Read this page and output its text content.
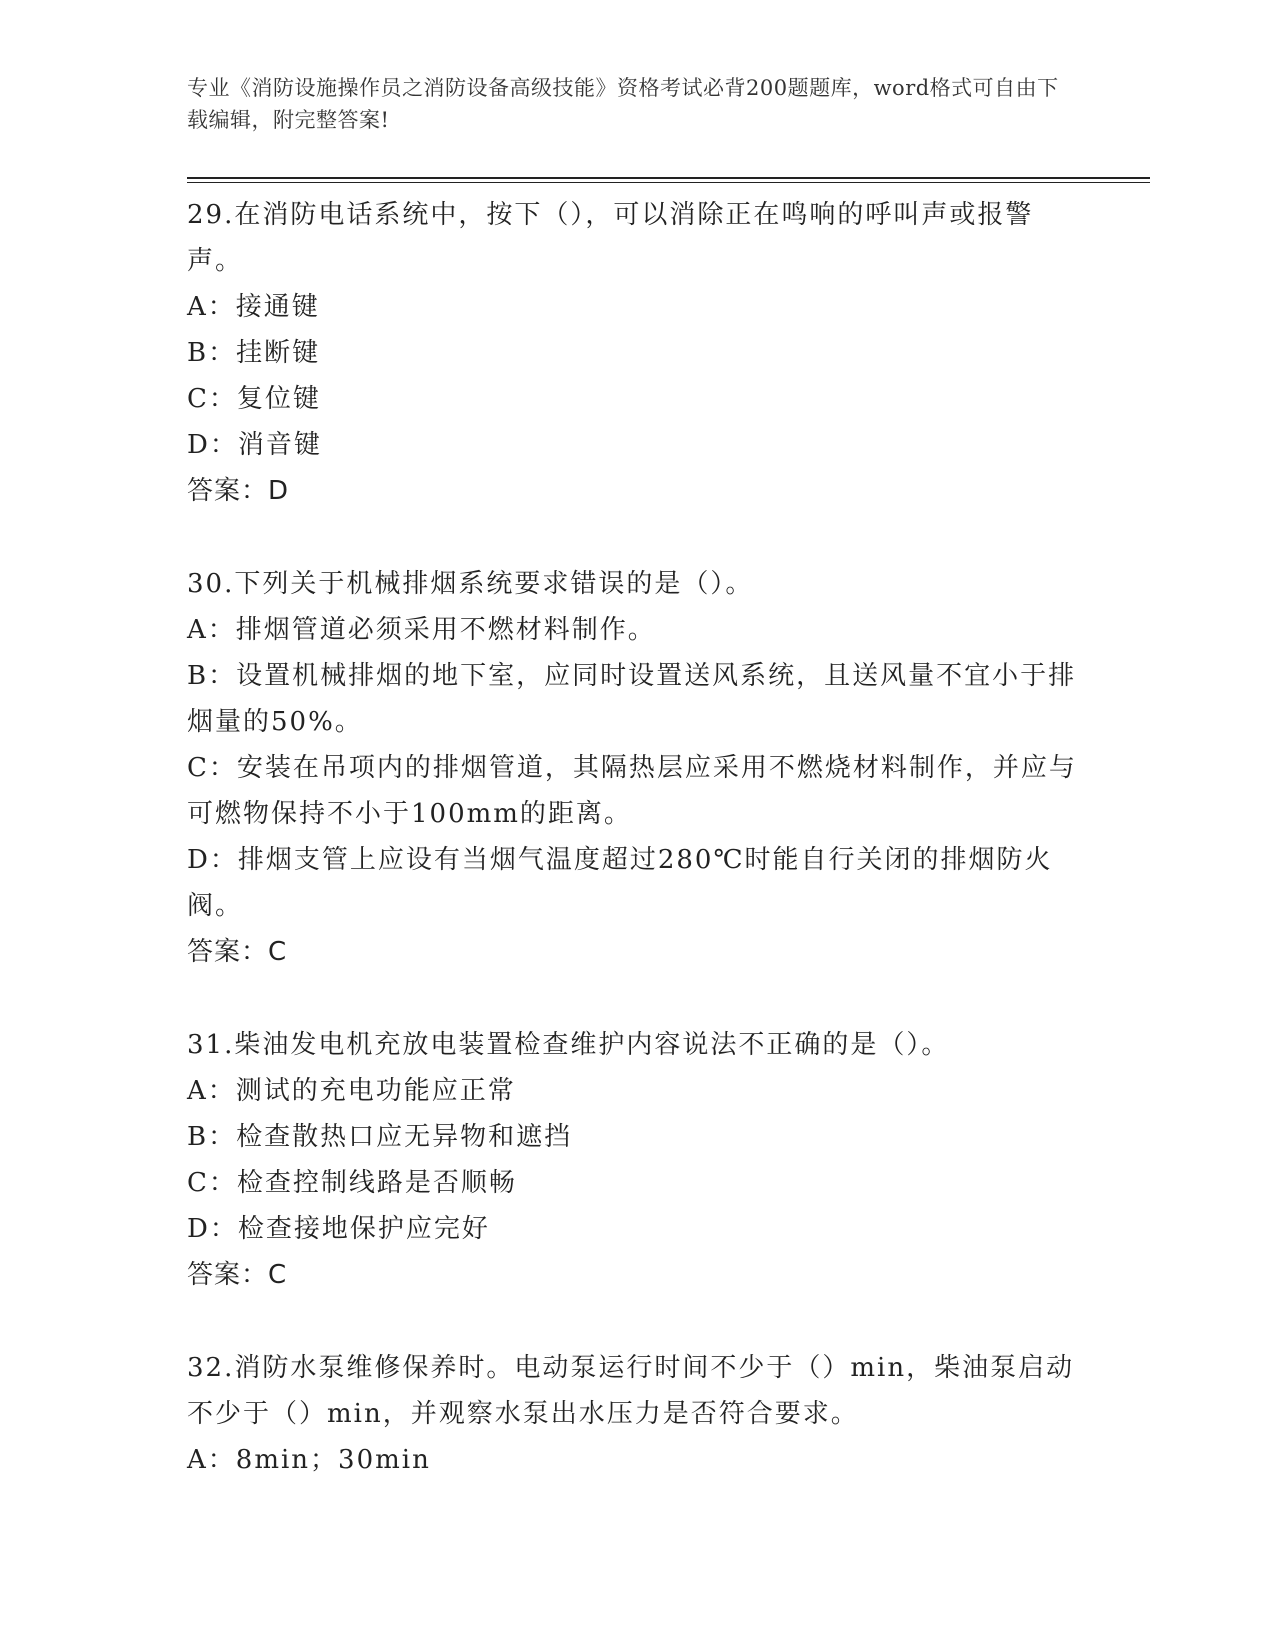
专业《消防设施操作员之消防设备高级技能》资格考试必背200题题库，word格式可自由下载编辑，附完整答案!
29.在消防电话系统中，按下（），可以消除正在鸣响的呼叫声或报警声。
A：接通键
B：挂断键
C：复位键
D：消音键
答案：D
30.下列关于机械排烟系统要求错误的是（）。
A：排烟管道必须采用不燃材料制作。
B：设置机械排烟的地下室，应同时设置送风系统，且送风量不宜小于排烟量的50%。
C：安装在吊项内的排烟管道，其隔热层应采用不燃烧材料制作，并应与可燃物保持不小于100mm的距离。
D：排烟支管上应设有当烟气温度超过280℃时能自行关闭的排烟防火阀。
答案：C
31.柴油发电机充放电装置检查维护内容说法不正确的是（）。
A：测试的充电功能应正常
B：检查散热口应无异物和遮挡
C：检查控制线路是否顺畅
D：检查接地保护应完好
答案：C
32.消防水泵维修保养时。电动泵运行时间不少于（）min，柴油泵启动不少于（）min，并观察水泵出水压力是否符合要求。
A：8min；30min
